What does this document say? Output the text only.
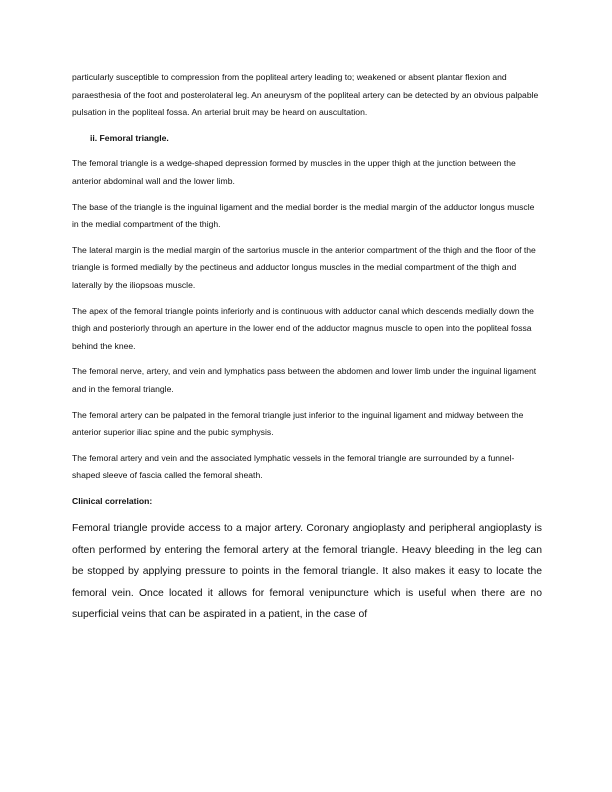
particularly susceptible to compression from the popliteal artery leading to; weakened or absent plantar flexion and paraesthesia of the foot and posterolateral leg. An aneurysm of the popliteal artery can be detected by an obvious palpable pulsation in the popliteal fossa. An arterial bruit may be heard on auscultation.

ii. Femoral triangle.

The femoral triangle is a wedge-shaped depression formed by muscles in the upper thigh at the junction between the anterior abdominal wall and the lower limb.

The base of the triangle is the inguinal ligament and the medial border is the medial margin of the adductor longus muscle in the medial compartment of the thigh.

The lateral margin is the medial margin of the sartorius muscle in the anterior compartment of the thigh and the floor of the triangle is formed medially by the pectineus and adductor longus muscles in the medial compartment of the thigh and laterally by the iliopsoas muscle.

The apex of the femoral triangle points inferiorly and is continuous with adductor canal which descends medially down the thigh and posteriorly through an aperture in the lower end of the adductor magnus muscle to open into the popliteal fossa behind the knee.

The femoral nerve, artery, and vein and lymphatics pass between the abdomen and lower limb under the inguinal ligament and in the femoral triangle.

The femoral artery can be palpated in the femoral triangle just inferior to the inguinal ligament and midway between the anterior superior iliac spine and the pubic symphysis.

The femoral artery and vein and the associated lymphatic vessels in the femoral triangle are surrounded by a funnel-shaped sleeve of fascia called the femoral sheath.

Clinical correlation:

Femoral triangle provide access to a major artery. Coronary angioplasty and peripheral angioplasty is often performed by entering the femoral artery at the femoral triangle. Heavy bleeding in the leg can be stopped by applying pressure to points in the femoral triangle. It also makes it easy to locate the femoral vein. Once located it allows for femoral venipuncture which is useful when there are no superficial veins that can be aspirated in a patient, in the case of
